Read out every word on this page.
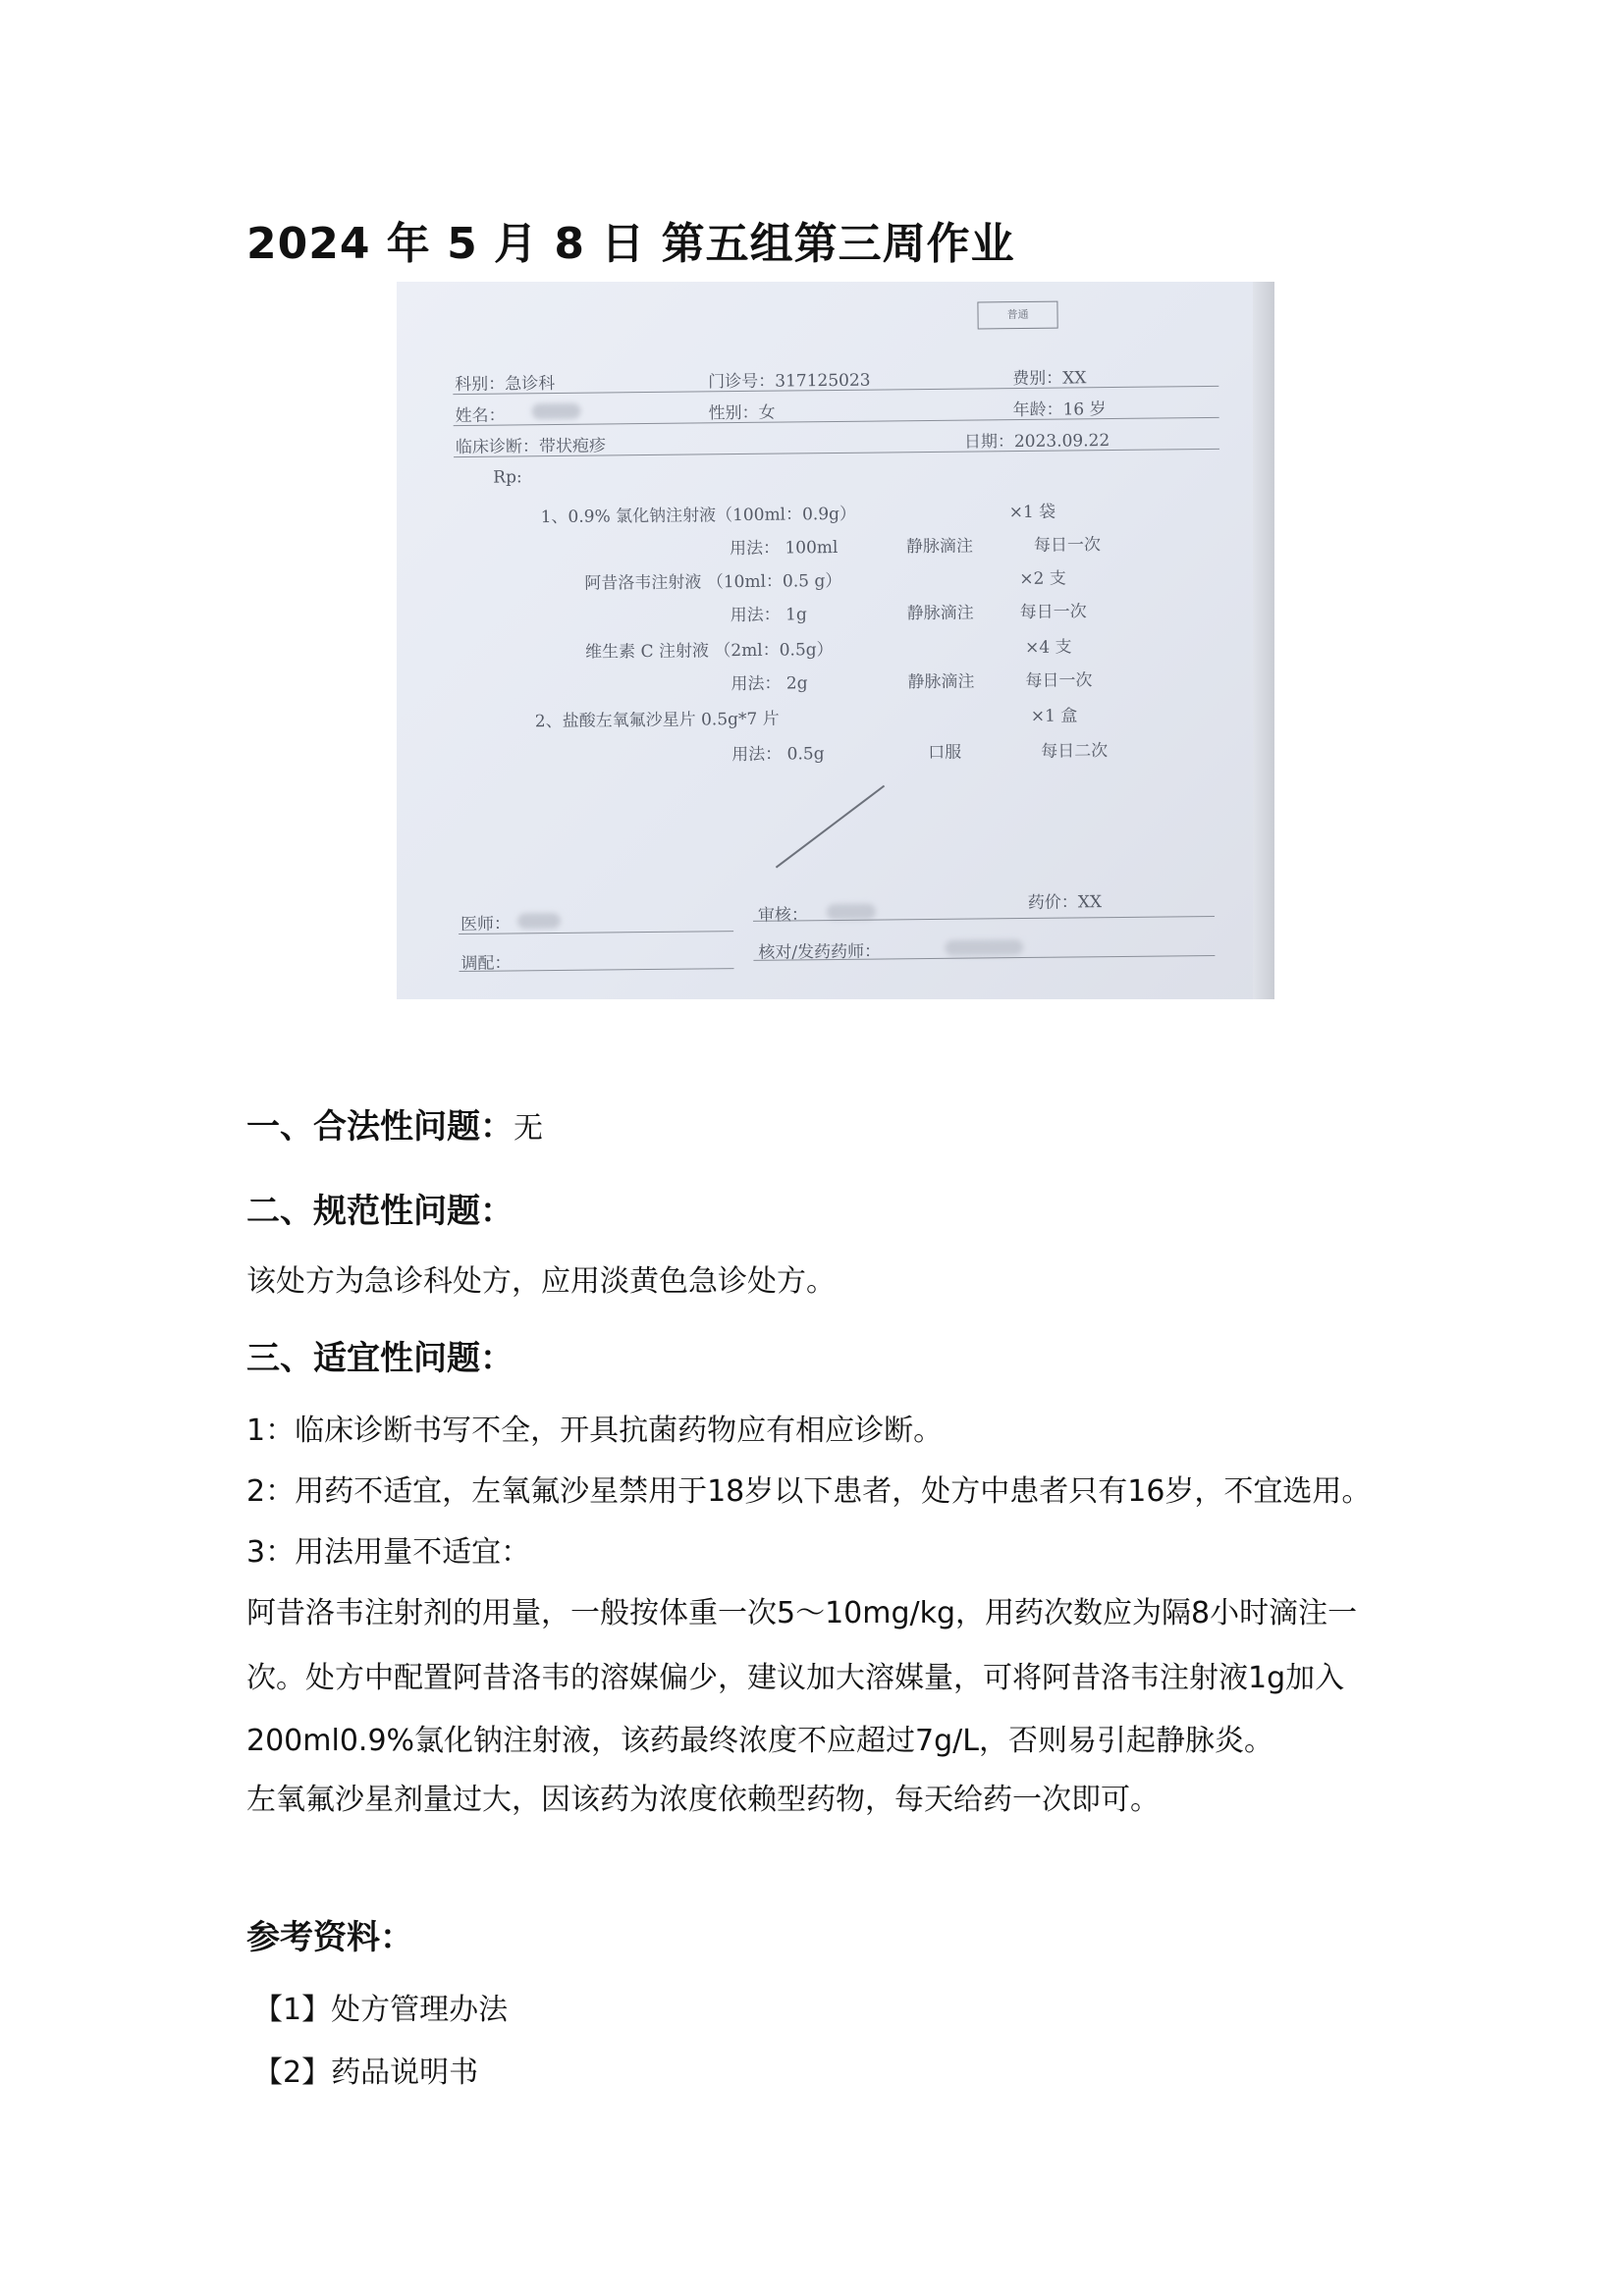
2024 年 5 月 8 日 第五组第三周作业
普通
科别：急诊科	门诊号：317125023	费别：XX
姓名：	性别：女	年龄：16 岁
临床诊断：带状疱疹	日期：2023.09.22
Rp:
1、0.9% 氯化钠注射液（100ml：0.9g）	×1 袋
用法： 100ml	静脉滴注	每日一次
阿昔洛韦注射液 （10ml：0.5 g）	×2 支
用法： 1g	静脉滴注	每日一次
维生素 C 注射液 （2ml：0.5g）	×4 支
用法： 2g	静脉滴注	每日一次
2、盐酸左氧氟沙星片 0.5g*7 片	×1 盒
用法： 0.5g	口服	每日二次
医师：	审核：
药价：XX
调配：
核对/发药药师：

一、合法性问题：无

二、规范性问题：

该处方为急诊科处方，应用淡黄色急诊处方。

三、适宜性问题：

1：临床诊断书写不全，开具抗菌药物应有相应诊断。

2：用药不适宜，左氧氟沙星禁用于18岁以下患者，处方中患者只有16岁，不宜选用。

3：用法用量不适宜：

阿昔洛韦注射剂的用量，一般按体重一次5～10mg/kg，用药次数应为隔8小时滴注一

次。处方中配置阿昔洛韦的溶媒偏少，建议加大溶媒量，可将阿昔洛韦注射液1g加入

200ml0.9%氯化钠注射液，该药最终浓度不应超过7g/L，否则易引起静脉炎。

左氧氟沙星剂量过大，因该药为浓度依赖型药物，每天给药一次即可。

参考资料：

【1】处方管理办法

【2】药品说明书
